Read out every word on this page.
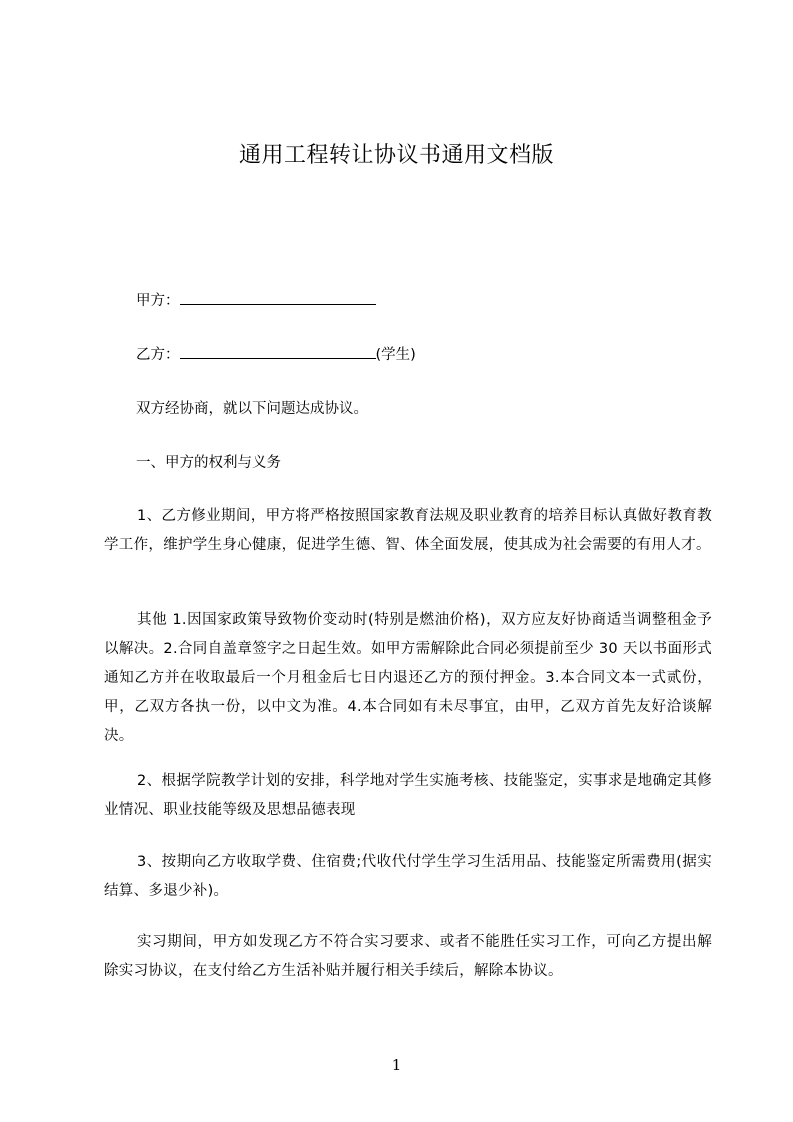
通用工程转让协议书通用文档版
甲方：
乙方：	(学生)
双方经协商，就以下问题达成协议。
一、甲方的权利与义务
1、乙方修业期间，甲方将严格按照国家教育法规及职业教育的培养目标认真做好教育教学工作，维护学生身心健康，促进学生德、智、体全面发展，使其成为社会需要的有用人才。
其他 1.因国家政策导致物价变动时(特别是燃油价格)，双方应友好协商适当调整租金予以解决。2.合同自盖章签字之日起生效。如甲方需解除此合同必须提前至少 30 天以书面形式通知乙方并在收取最后一个月租金后七日内退还乙方的预付押金。3.本合同文本一式贰份，甲，乙双方各执一份，以中文为准。4.本合同如有未尽事宜，由甲，乙双方首先友好洽谈解决。
2、根据学院教学计划的安排，科学地对学生实施考核、技能鉴定，实事求是地确定其修业情况、职业技能等级及思想品德表现
3、按期向乙方收取学费、住宿费;代收代付学生学习生活用品、技能鉴定所需费用(据实结算、多退少补)。
实习期间，甲方如发现乙方不符合实习要求、或者不能胜任实习工作，可向乙方提出解除实习协议，在支付给乙方生活补贴并履行相关手续后，解除本协议。
1
